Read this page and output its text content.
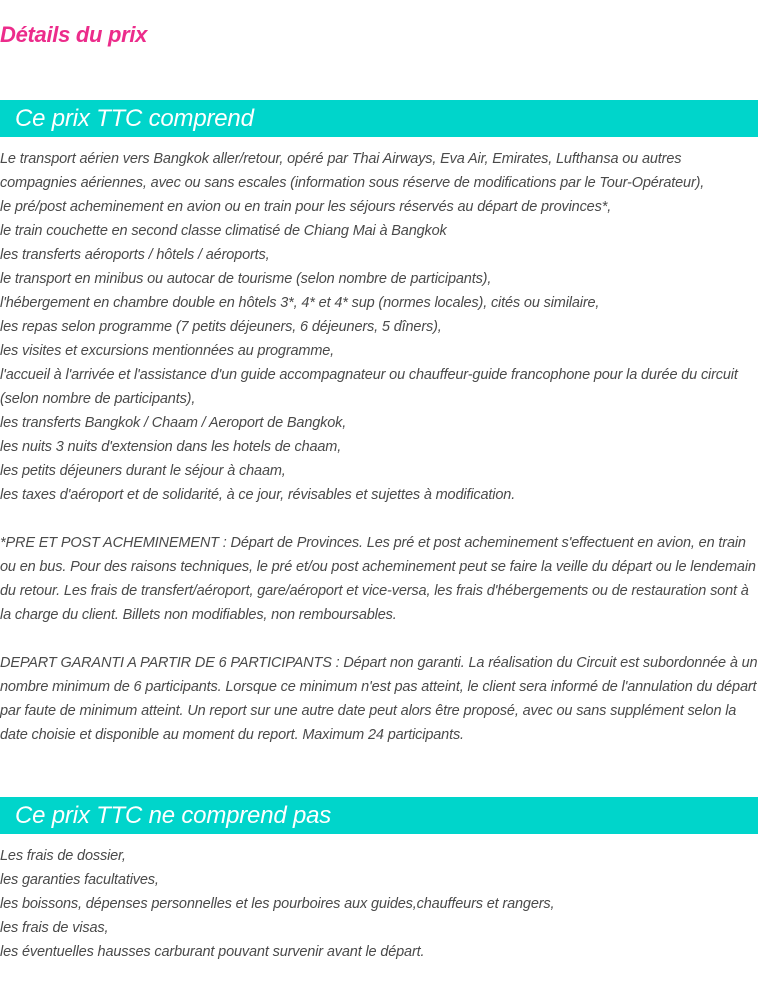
Détails du prix
Ce prix TTC comprend
Le transport aérien vers Bangkok aller/retour, opéré par Thai Airways, Eva Air, Emirates, Lufthansa ou autres
compagnies aériennes, avec ou sans escales (information sous réserve de modifications par le Tour-Opérateur),
le pré/post acheminement en avion ou en train pour les séjours réservés au départ de provinces*,
le train couchette en second classe climatisé de Chiang Mai à Bangkok
les transferts aéroports / hôtels / aéroports,
le transport en minibus ou autocar de tourisme (selon nombre de participants),
l'hébergement en chambre double en hôtels 3*, 4* et 4* sup (normes locales), cités ou similaire,
les repas selon programme (7 petits déjeuners, 6 déjeuners, 5 dîners),
les visites et excursions mentionnées au programme,
l'accueil à l'arrivée et l'assistance d'un guide accompagnateur ou chauffeur-guide francophone pour la durée du circuit
(selon nombre de participants),
les transferts Bangkok / Chaam / Aeroport de Bangkok,
les nuits 3 nuits d'extension dans les hotels de chaam,
les petits déjeuners durant le séjour à chaam,
les taxes d'aéroport et de solidarité, à ce jour, révisables et sujettes à modification.
*PRE ET POST ACHEMINEMENT : Départ de Provinces. Les pré et post acheminement s'effectuent en avion, en train ou en bus. Pour des raisons techniques, le pré et/ou post acheminement peut se faire la veille du départ ou le lendemain du retour. Les frais de transfert/aéroport, gare/aéroport et vice-versa, les frais d'hébergements ou de restauration sont à la charge du client. Billets non modifiables, non remboursables.
DEPART GARANTI A PARTIR DE 6 PARTICIPANTS : Départ non garanti. La réalisation du Circuit est subordonnée à un nombre minimum de 6 participants. Lorsque ce minimum n'est pas atteint, le client sera informé de l'annulation du départ par faute de minimum atteint. Un report sur une autre date peut alors être proposé, avec ou sans supplément selon la date choisie et disponible au moment du report. Maximum 24 participants.
Ce prix TTC ne comprend pas
Les frais de dossier,
les garanties facultatives,
les boissons, dépenses personnelles et les pourboires aux guides,chauffeurs et rangers,
les frais de visas,
les éventuelles hausses carburant pouvant survenir avant le départ.
